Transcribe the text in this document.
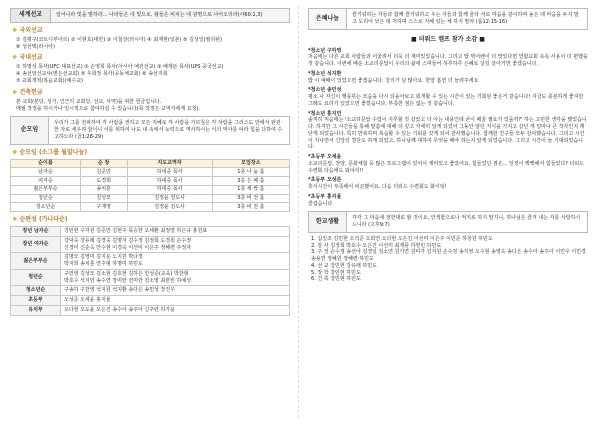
세계선교	일어나라 빛을 발하라... 나라들은 네 빛으로, 왕들은 비치는 네 광명으로 나아오리라(사60:1,3)
❖ 국외선교
① 김평구(코트디부아르) ② 이현호(대만) ③ 이철선(러시아) ④ 최재현(일본) ⑤ 김성일(필리핀)
⑥ 성선택(러시아)
❖ 국내선교
① 하명성 목사(UFC 대표선교) ② 손영희 목사(아시아 예전선교) ③ 배재돈 목사(UPS 중국선교)
④ 송선임선교사(변은선교회) ⑤ 우희정 목사(공동체교회) ⑥ 송선지회
⑦ 교회개척(복음교회)(예수교)
❖ 건축헌금
본 교회(본당, 성가, 인근의 교회당, 선교, 사역)을 위한 헌금입니다.
매월 작정을 하시거나 일시적으로 참여하실 수 있습니다(목 작정은 교역자에게 요청).
순모임
우리가 그를 전파하여 각 사람을 권하고 모든 지혜로 각 사람을 가르침은 각 사람을 그리스도 안에서 완전한 자로 세우려 함이니 이를 위하여 나도 내 속에서 능력으로 역사하시는 이의 역사를 따라 힘을 다하여 수고하노라 (골1:28-29)
❖ 순모임 (소그룹 월말나눔)
순이름	순 장	지도교역자	모임장소
남자순	김준만	하대중 목사	1층 나 눔 홀
여자순	도경희	하대중 목사	3층 은 혜 홀
젊은부부순	송치훈	하대중 목사	1층 새 싹 홀
청년순	김성모	김정윤 전도사	3층 비 전 홀
청소년순	구재영	김정윤 전도사	3층 비 전 홀
❖ 순편성 (가나다순)
장년 남자순	강민현 구자원 김준만 김현주 목승한 오세환 최정열 하은규 홍원표
장년 여자순	강덕숙 강유래 김경숙 김명자 김수정 김정희 도경희 손수정
신경미 신순옥 안수현 이경숙 이선미 이은주 정혜련 주정자
젊은부부순	김명모 김영미 김지운 노지원 박다정
박지희 송치훈 연주형 하명미 하민도
청년순	구민영 김성모 김소현 김호현 김하은 민성준(교육) 박찬형
박호수 석지민 송수연 장미란 전미란 전소영 최한빈 하예성
청소년순	구송하 구찬영 석지원 석지환 송다은 송민성 장진우
초등부	오성준 오세윤 홍지율
유치부	오다현 오도윤 오은진 송수아 송주아 신주란 허가윤
은혜나눔	즐거워하는 자들과 함께 즐거워하고 우는 자들과 함께 울라 서로 마음을 같이하며 높은 데 마음을 두지 말고 도리어 낮은 데 처하며 스스로 지혜 있는 체 하지 말라 (롬12:15-16)
■ 더워드 캠프 참가 소감 ■
*청소년 구하영

처음에는 다른 교회 사람들과 어울려서 더욱 더 재미있었습니다. 그리고 밥 뷔어벤이 더 맛있다면 연합교회 속속 사용이 더 편했을 것 같습니다. 이번에 배운 소교리문답이 우리의 삶에 스며들어 하루하루 은혜로 살길 살아가면 좋겠습니다.

*청소년 석지환

밥 이 예배이 있었으면 좋겠습니다. 강의가 넘 많아요. 한양 흡연 더 늘려주세요

*청소년 송민성

평소 나 자신이 행동하는 모습을 다시 되돌아보고 회개할 수 있는 시간이 있는 기회된 좋은거 같습니다! 지금도 충분하게 좋지만 그래도 요리가 있었으면 좋겠습니다. 부족한 점은 없는 것 같습니다.

*청소년 홍지민

솔직히 처음에는 '소교리문답 수업이 지루할 것 같았고 다 아는 내용인데 굳이 배울 필요가 있을까?' 하는 고민한 생각을 했었습니다. 하지만 그 시간들을 통해 말씀에 대해 더 깊고 자세히 알게 되었어 그동안 알던 지식을 가지고 살던 게 얼마나 큰 착각인지 깨닫게 되었습니다. 특히 반복하며 복습할 수 있는 기회를 갖게 되어 감사했습니다. 함께한 친구들 모두 감사했습니다. 그리고 시간이 지나면서 신앙의 결단도 하게 되었고, 하나님께 대하여 무엇을 해야 하는지 알게 되었습니다. 그리고 시간이 늘 기대되었습니다.

*초등부 오세윤

소교리문답, 찬양, 문화체험 등 많은 프로그램이 있어서 재미있고 좋았어요. 힘들었던 점은... 일정이 빡빡해서 힘들었다? 더워드 수련회 다음에도 와야지!!

*초등부 오성준

휴식시간이 부족해서 피곤했어요. 다음 더워드 수련회도 화이팅!

*초등부 홍지율

즐겁습니다

한교생활	각각 그 마음에 정한대로 할 것이요, 인색함으로나 억지로 하지 말지니, 하나님은 즐겨 내는 자를 사랑하시느니라 (고후9:7)
1. 십일조 김민현 오석준 오희연 오다현 오은진 이선미 이은주 이민준 하창원 하민도
2. 감 사 김정희 박호수 오은진 이선미 최재풍 하영민 하민도
3. 주 정 손수정 송선아 김경일 김소연 김기연 김미가 김지원 손수정 송지영 오수현 송영옥 송다은 송수아 송주아 이민우 이민경 송용연 정혜원 정혜련 하민도
4. 선 교 강민현 강유래 하민도
5. 장 학 강민현 하민도
6. 건 축 강민현 하민도
